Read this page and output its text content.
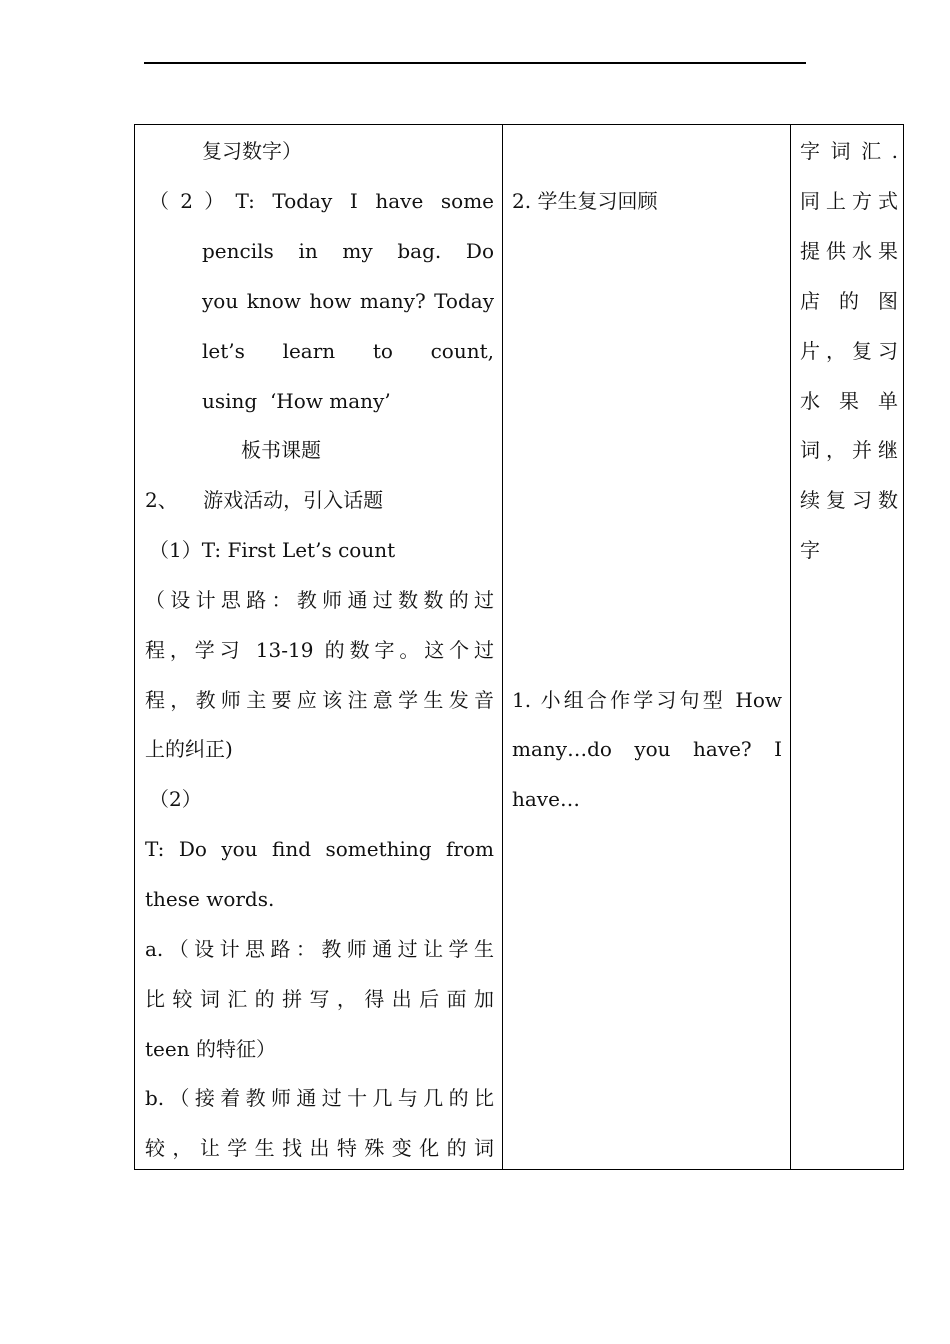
复习数字）
（2）T: Today I have some
pencils in my bag. Do
you know how many? Today
let’s learn to count,
using  ‘How many’
板书课题
2、    游戏活动，引入话题
（1）T: First Let’s count
（设计思路：教师通过数数的过
程，学习 13-19 的数字。这个过
程，教师主要应该注意学生发音
上的纠正)
（2）
T: Do you find something from
these words.
a.（设计思路：教师通过让学生
比较词汇的拼写，得出后面加
teen 的特征）
b.（接着教师通过十几与几的比
较，让学生找出特殊变化的词
2. 学生复习回顾
1. 小组合作学习句型 How
many…do you have? I
have…
字词汇.
同上方式
提供水果
店 的 图
片，复习
水 果 单
词，并继
续复习数
字
